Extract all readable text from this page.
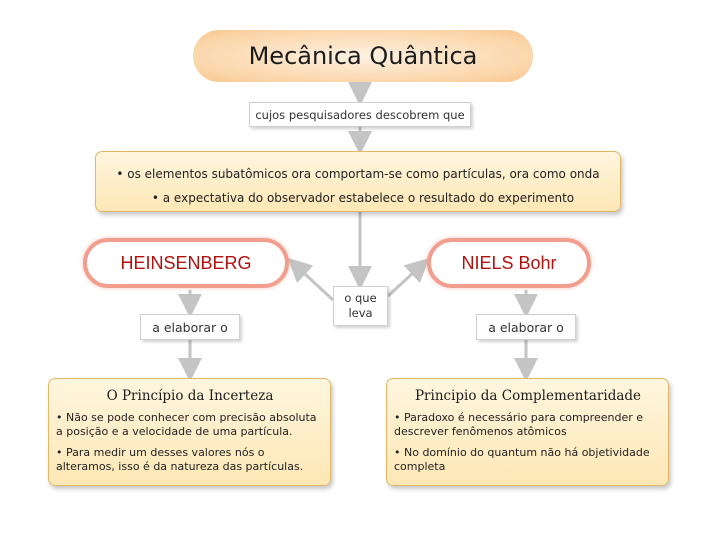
Mecânica Quântica
cujos pesquisadores descobrem que
• os elementos subatômicos ora comportam-se como partículas, ora como onda
• a expectativa do observador estabelece o resultado do experimento
HEINSENBERG	NIELS Bohr
o que
leva
a elaborar o	a elaborar o
O Princípio da Incerteza
• Não se pode conhecer com precisão absoluta a posição e a velocidade de uma partícula.
• Para medir um desses valores nós o alteramos, isso é da natureza das partículas.
Principio da Complementaridade
• Paradoxo é necessário para compreender e descrever fenômenos atômicos
• No domínio do quantum não há objetividade completa
